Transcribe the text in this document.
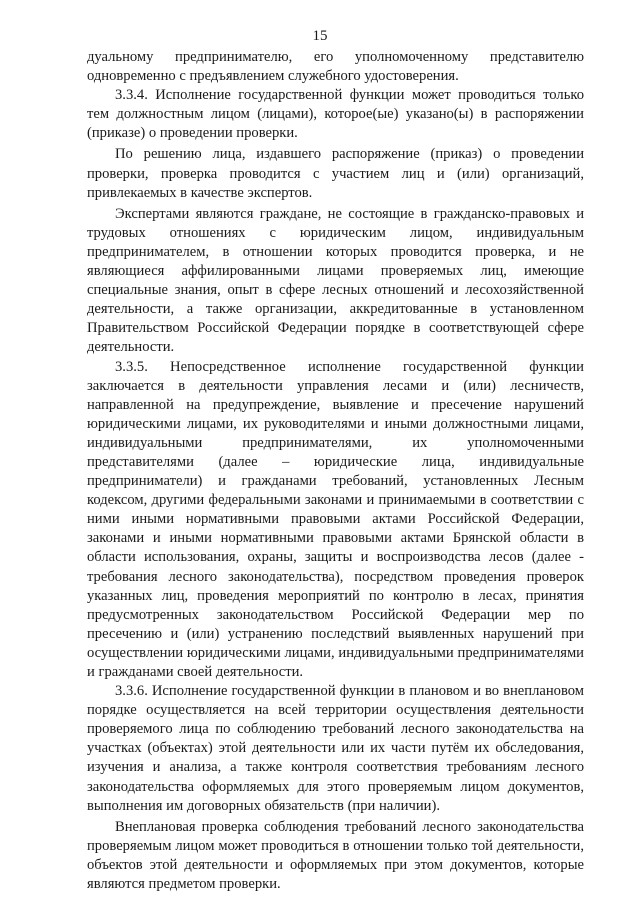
15

дуальному предпринимателю, его уполномоченному представителю одновременно с предъявлением служебного удостоверения.

3.3.4. Исполнение государственной функции может проводиться только тем должностным лицом (лицами), которое(ые) указано(ы) в распоряжении (приказе) о проведении проверки.

По решению лица, издавшего распоряжение (приказ) о проведении проверки, проверка проводится с участием лиц и (или) организаций, привлекаемых в качестве экспертов.

Экспертами являются граждане, не состоящие в гражданско-правовых и трудовых отношениях с юридическим лицом, индивидуальным предпринимателем, в отношении которых проводится проверка, и не являющиеся аффилированными лицами проверяемых лиц, имеющие специальные знания, опыт в сфере лесных отношений и лесохозяйственной деятельности, а также организации, аккредитованные в установленном Правительством Российской Федерации порядке в соответствующей сфере деятельности.

3.3.5. Непосредственное исполнение государственной функции заключается в деятельности управления лесами и (или) лесничеств, направленной на предупреждение, выявление и пресечение нарушений юридическими лицами, их руководителями и иными должностными лицами, индивидуальными предпринимателями, их уполномоченными представителями (далее – юридические лица, индивидуальные предприниматели) и гражданами требований, установленных Лесным кодексом, другими федеральными законами и принимаемыми в соответствии с ними иными нормативными правовыми актами Российской Федерации, законами и иными нормативными правовыми актами Брянской области в области использования, охраны, защиты и воспроизводства лесов (далее - требования лесного законодательства), посредством проведения проверок указанных лиц, проведения мероприятий по контролю в лесах, принятия предусмотренных законодательством Российской Федерации мер по пресечению и (или) устранению последствий выявленных нарушений при осуществлении юридическими лицами, индивидуальными предпринимателями и гражданами своей деятельности.

3.3.6. Исполнение государственной функции в плановом и во внеплановом порядке осуществляется на всей территории осуществления деятельности проверяемого лица по соблюдению требований лесного законодательства на участках (объектах) этой деятельности или их части путём их обследования, изучения и анализа, а также контроля соответствия требованиям лесного законодательства оформляемых для этого проверяемым лицом документов, выполнения им договорных обязательств (при наличии).

Внеплановая проверка соблюдения требований лесного законодательства проверяемым лицом может проводиться в отношении только той деятельности, объектов этой деятельности и оформляемых при этом документов, которые являются предметом проверки.
